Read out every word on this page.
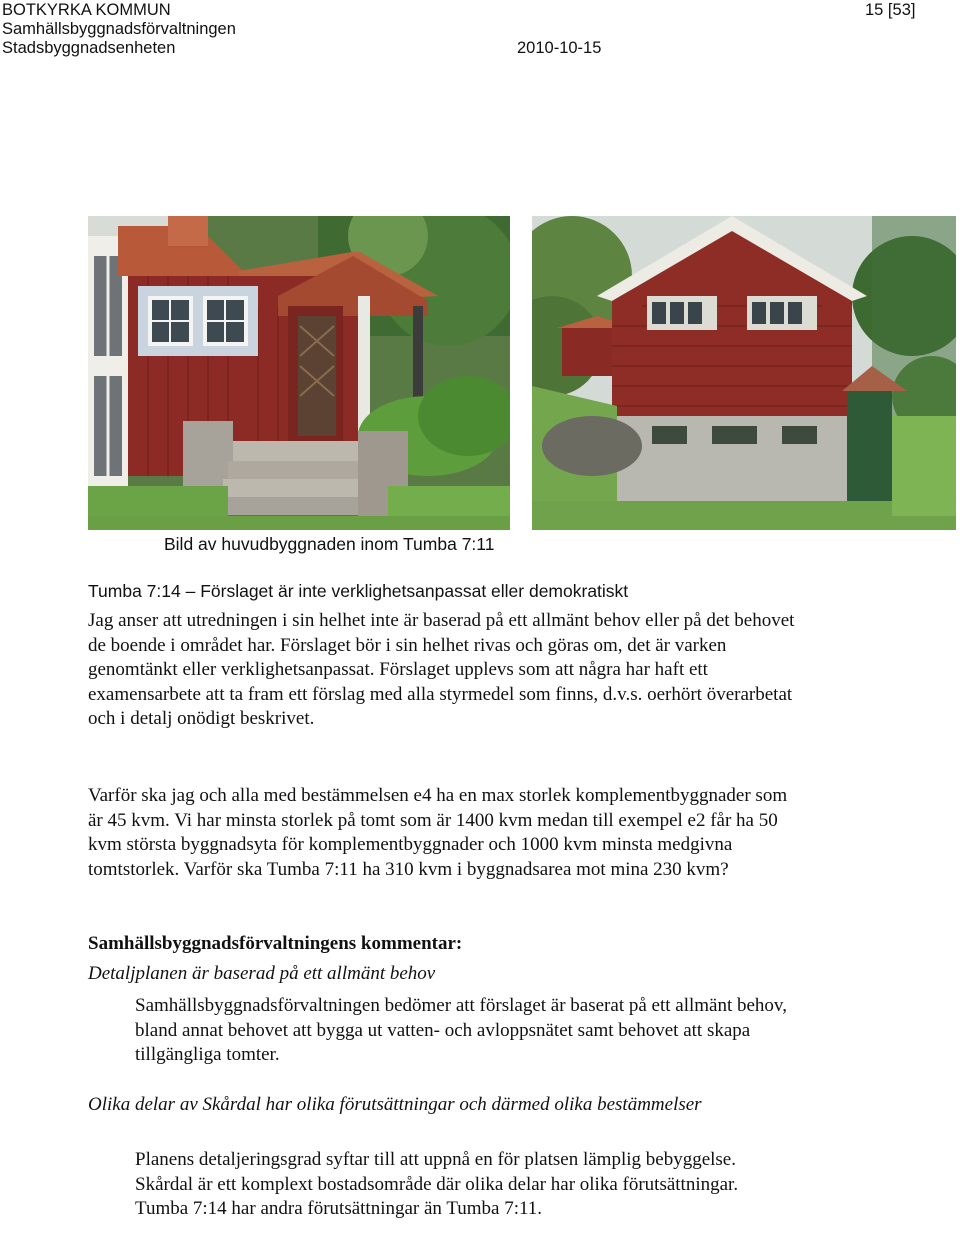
BOTKYRKA KOMMUN
Samhällsbyggnadsförvaltningen
Stadsbyggnadsenheten	2010-10-15
15 [53]
Bild av huvudbyggnaden inom Tumba 7:11
Tumba 7:14 – Förslaget är inte verklighetsanpassat eller demokratiskt

Jag anser att utredningen i sin helhet inte är baserad på ett allmänt behov eller på det behovet de boende i området har. Förslaget bör i sin helhet rivas och göras om, det är varken genomtänkt eller verklighetsanpassat. Förslaget upplevs som att några har haft ett examensarbete att ta fram ett förslag med alla styrmedel som finns, d.v.s. oerhört överarbetat och i detalj onödigt beskrivet.

Varför ska jag och alla med bestämmelsen e4 ha en max storlek komplementbyggnader som är 45 kvm. Vi har minsta storlek på tomt som är 1400 kvm medan till exempel e2 får ha 50 kvm största byggnadsyta för komplementbyggnader och 1000 kvm minsta medgivna tomtstorlek. Varför ska Tumba 7:11 ha 310 kvm i byggnadsarea mot mina 230 kvm?

Samhällsbyggnadsförvaltningens kommentar:
Detaljplanen är baserad på ett allmänt behov
Samhällsbyggnadsförvaltningen bedömer att förslaget är baserat på ett allmänt behov, bland annat behovet att bygga ut vatten- och avloppsnätet samt behovet att skapa tillgängliga tomter.
Olika delar av Skårdal har olika förutsättningar och därmed olika bestämmelser
Planens detaljeringsgrad syftar till att uppnå en för platsen lämplig bebyggelse. Skårdal är ett komplext bostadsområde där olika delar har olika förutsättningar. Tumba 7:14 har andra förutsättningar än Tumba 7:11.
